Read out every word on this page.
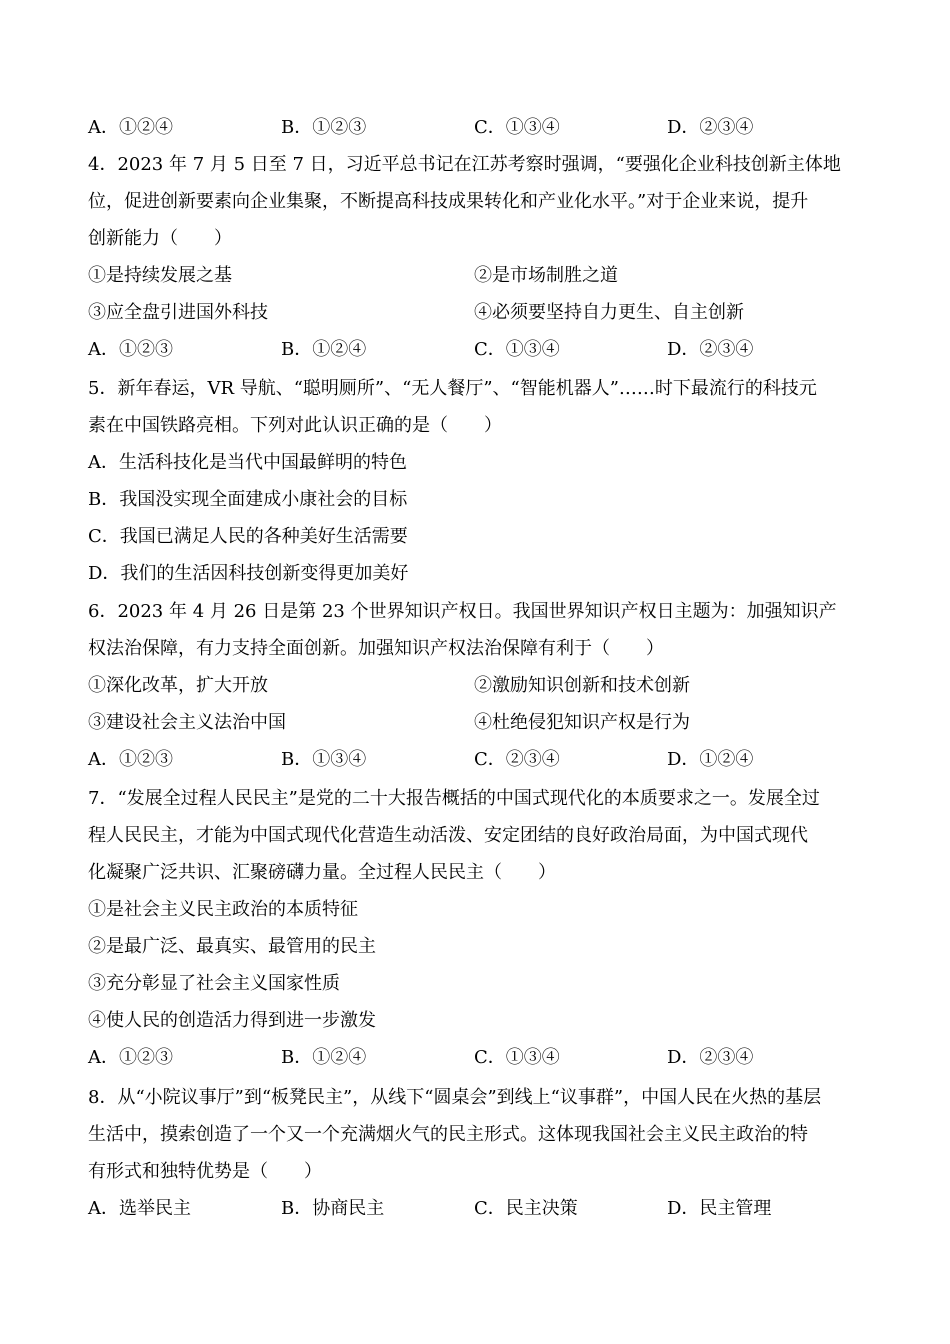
A．①②④	B．①②③	C．①③④	D．②③④
4．2023 年 7 月 5 日至 7 日，习近平总书记在江苏考察时强调，“要强化企业科技创新主体地
位，促进创新要素向企业集聚，不断提高科技成果转化和产业化水平。”对于企业来说，提升
创新能力（　　）
①是持续发展之基	②是市场制胜之道
③应全盘引进国外科技	④必须要坚持自力更生、自主创新
A．①②③	B．①②④	C．①③④	D．②③④
5．新年春运，VR 导航、“聪明厕所”、“无人餐厅”、“智能机器人”……时下最流行的科技元
素在中国铁路亮相。下列对此认识正确的是（　　）
A．生活科技化是当代中国最鲜明的特色
B．我国没实现全面建成小康社会的目标
C．我国已满足人民的各种美好生活需要
D．我们的生活因科技创新变得更加美好
6．2023 年 4 月 26 日是第 23 个世界知识产权日。我国世界知识产权日主题为：加强知识产
权法治保障，有力支持全面创新。加强知识产权法治保障有利于（　　）
①深化改革，扩大开放	②激励知识创新和技术创新
③建设社会主义法治中国	④杜绝侵犯知识产权是行为
A．①②③	B．①③④	C．②③④	D．①②④
7．“发展全过程人民民主”是党的二十大报告概括的中国式现代化的本质要求之一。发展全过
程人民民主，才能为中国式现代化营造生动活泼、安定团结的良好政治局面，为中国式现代
化凝聚广泛共识、汇聚磅礴力量。全过程人民民主（　　）
①是社会主义民主政治的本质特征
②是最广泛、最真实、最管用的民主
③充分彰显了社会主义国家性质
④使人民的创造活力得到进一步激发
A．①②③	B．①②④	C．①③④	D．②③④
8．从“小院议事厅”到“板凳民主”，从线下“圆桌会”到线上“议事群”，中国人民在火热的基层
生活中，摸索创造了一个又一个充满烟火气的民主形式。这体现我国社会主义民主政治的特
有形式和独特优势是（　　）
A．选举民主	B．协商民主	C．民主决策	D．民主管理
